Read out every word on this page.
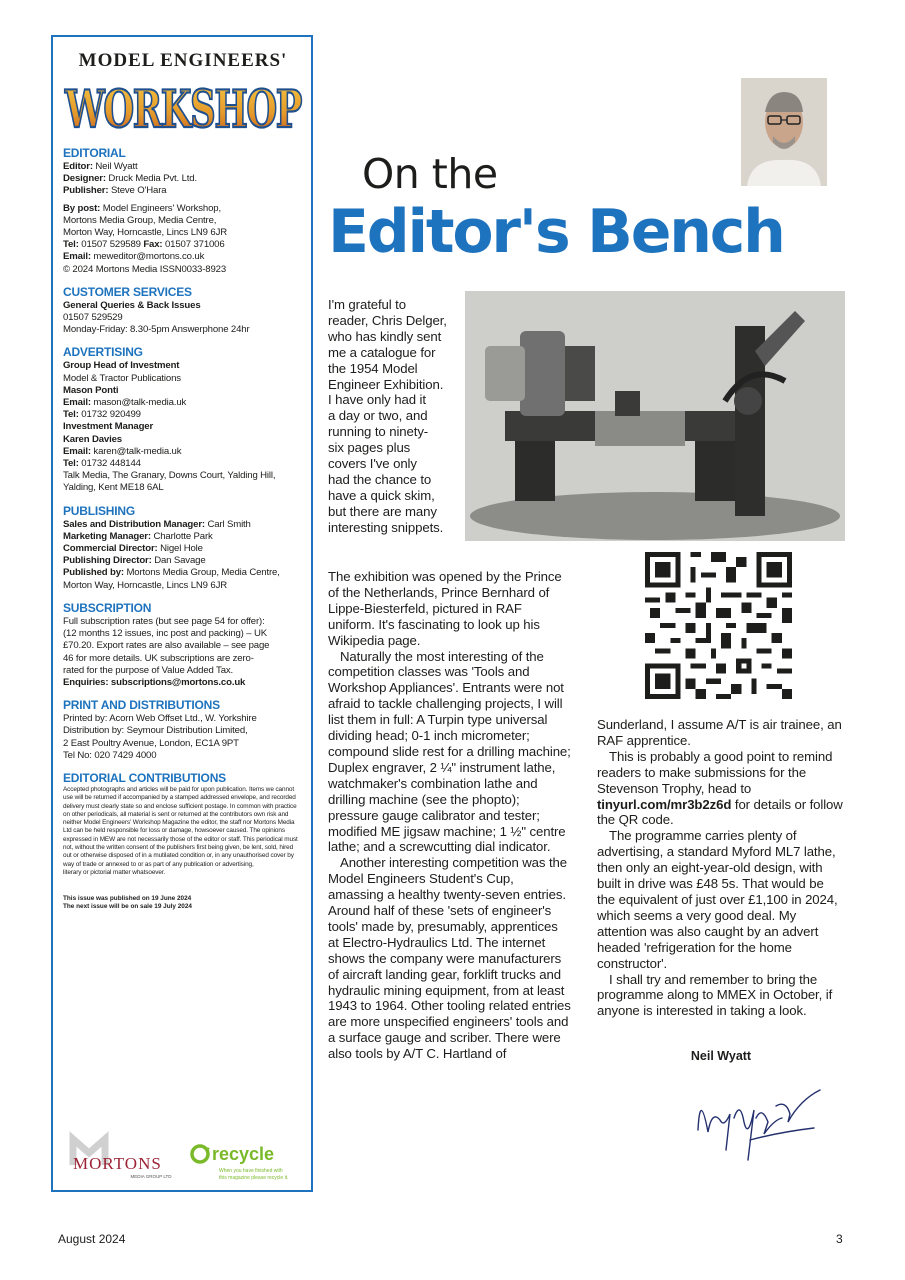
MODEL ENGINEERS'
WORKSHOP
EDITORIAL
Editor: Neil Wyatt
Designer: Druck Media Pvt. Ltd.
Publisher: Steve O'Hara
By post: Model Engineers' Workshop,
Mortons Media Group, Media Centre,
Morton Way, Horncastle, Lincs LN9 6JR
Tel: 01507 529589 Fax: 01507 371006
Email: meweditor@mortons.co.uk
© 2024 Mortons Media ISSN0033-8923
CUSTOMER SERVICES
General Queries & Back Issues
01507 529529
Monday-Friday: 8.30-5pm Answerphone 24hr
ADVERTISING
Group Head of Investment
Model & Tractor Publications
Mason Ponti
Email: mason@talk-media.uk
Tel: 01732 920499
Investment Manager
Karen Davies
Email: karen@talk-media.uk
Tel: 01732 448144
Talk Media, The Granary, Downs Court, Yalding Hill,
Yalding, Kent ME18 6AL
PUBLISHING
Sales and Distribution Manager: Carl Smith
Marketing Manager: Charlotte Park
Commercial Director: Nigel Hole
Publishing Director: Dan Savage
Published by: Mortons Media Group, Media Centre,
Morton Way, Horncastle, Lincs LN9 6JR
SUBSCRIPTION
Full subscription rates (but see page 54 for offer):
(12 months 12 issues, inc post and packing) – UK
£70.20. Export rates are also available – see page
46 for more details. UK subscriptions are zero-
rated for the purpose of Value Added Tax.
Enquiries: subscriptions@mortons.co.uk
PRINT AND DISTRIBUTIONS
Printed by: Acorn Web Offset Ltd., W. Yorkshire
Distribution by: Seymour Distribution Limited,
2 East Poultry Avenue, London, EC1A 9PT
Tel No: 020 7429 4000
EDITORIAL CONTRIBUTIONS
Accepted photographs and articles will be paid for upon publication. Items we cannot
use will be returned if accompanied by a stamped addressed envelope, and recorded
delivery must clearly state so and enclose sufficient postage. In common with practice
on other periodicals, all material is sent or returned at the contributors own risk and
neither Model Engineers' Workshop Magazine the editor, the staff nor Mortons Media
Ltd can be held responsible for loss or damage, howsoever caused. The opinions
expressed in MEW are not necessarily those of the editor or staff. This periodical must
not, without the written consent of the publishers first being given, be lent, sold, hired
out or otherwise disposed of in a mutilated condition or, in any unauthorised cover by
way of trade or annexed to or as part of any publication or advertising,
literary or pictorial matter whatsoever.
This issue was published on 19 June 2024
The next issue will be on sale 19 July 2024
MORTONS
MEDIA GROUP LTD
recycle
When you have finished with
this magazine please recycle it.
On the
Editor's Bench
I'm grateful to
reader, Chris Delger,
who has kindly sent
me a catalogue for
the 1954 Model
Engineer Exhibition.
I have only had it
a day or two, and
running to ninety-
six pages plus
covers I've only
had the chance to
have a quick skim,
but there are many
interesting snippets.

The exhibition was opened by the Prince of the Netherlands, Prince Bernhard of Lippe-Biesterfeld, pictured in RAF uniform. It's fascinating to look up his Wikipedia page.

Naturally the most interesting of the competition classes was 'Tools and Workshop Appliances'. Entrants were not afraid to tackle challenging projects, I will list them in full: A Turpin type universal dividing head; 0-1 inch micrometer; compound slide rest for a drilling machine; Duplex engraver, 2 ¼" instrument lathe, watchmaker's combination lathe and drilling machine (see the phopto); pressure gauge calibrator and tester; modified ME jigsaw machine; 1 ½" centre lathe; and a screwcutting dial indicator.

Another interesting competition was the Model Engineers Student's Cup, amassing a healthy twenty-seven entries. Around half of these 'sets of engineer's tools' made by, presumably, apprentices at Electro-Hydraulics Ltd. The internet shows the company were manufacturers of aircraft landing gear, forklift trucks and hydraulic mining equipment, from at least 1943 to 1964. Other tooling related entries are more unspecified engineers' tools and a surface gauge and scriber. There were also tools by A/T C. Hartland of

Sunderland, I assume A/T is air trainee, an RAF apprentice.

This is probably a good point to remind readers to make submissions for the Stevenson Trophy, head to tinyurl.com/mr3b2z6d for details or follow the QR code.

The programme carries plenty of advertising, a standard Myford ML7 lathe, then only an eight-year-old design, with built in drive was £48 5s. That would be the equivalent of just over £1,100 in 2024, which seems a very good deal. My attention was also caught by an advert headed 'refrigeration for the home constructor'.

I shall try and remember to bring the programme along to MMEX in October, if anyone is interested in taking a look.

Neil Wyatt
August 2024	3
